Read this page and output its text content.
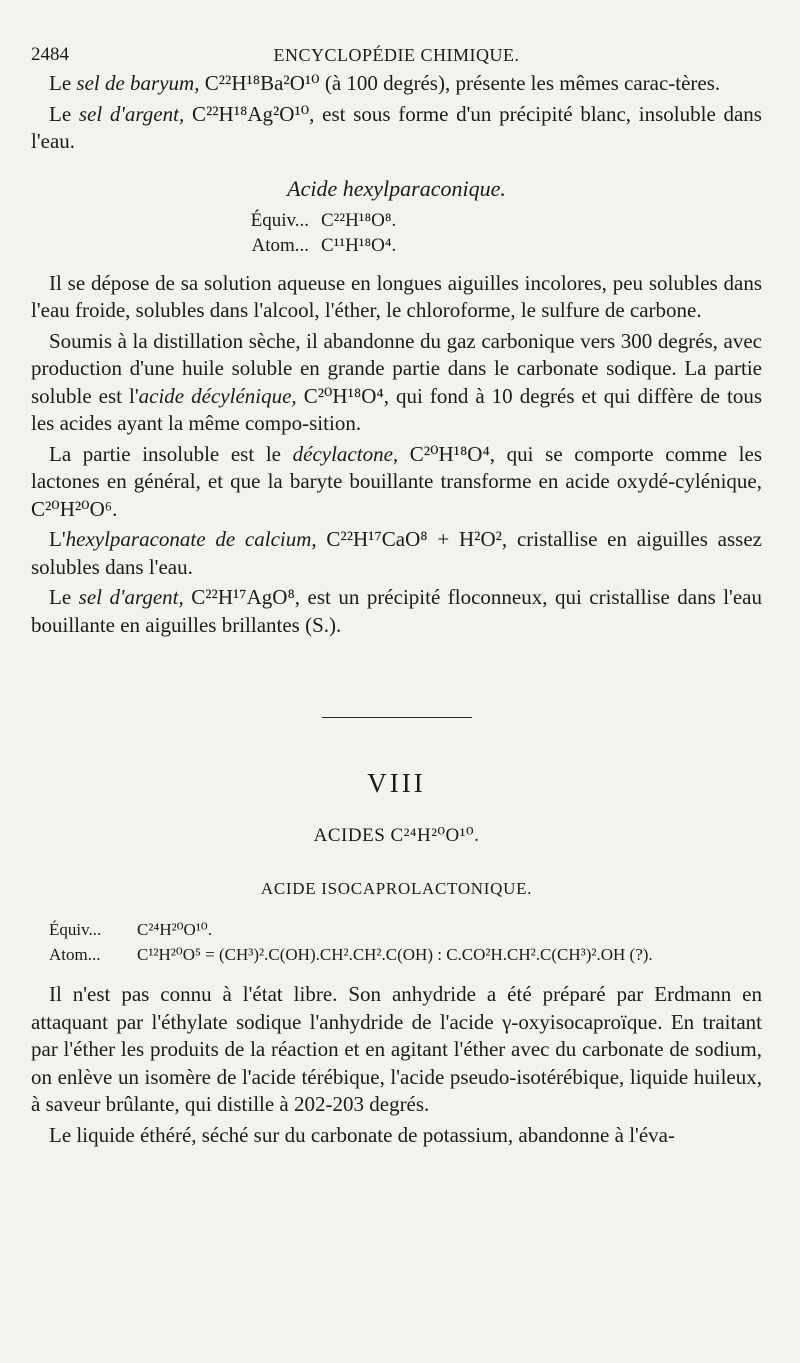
2484	ENCYCLOPÉDIE CHIMIQUE.

Le sel de baryum, C²²H¹⁸Ba²O¹⁰ (à 100 degrés), présente les mêmes carac-tères.

Le sel d'argent, C²²H¹⁸Ag²O¹⁰, est sous forme d'un précipité blanc, insoluble dans l'eau.

Acide hexylparaconique.
Équiv... C²²H¹⁸O⁸.
Atom... C¹¹H¹⁸O⁴.

Il se dépose de sa solution aqueuse en longues aiguilles incolores, peu solubles dans l'eau froide, solubles dans l'alcool, l'éther, le chloroforme, le sulfure de carbone.

Soumis à la distillation sèche, il abandonne du gaz carbonique vers 300 degrés, avec production d'une huile soluble en grande partie dans le carbonate sodique. La partie soluble est l'acide décylénique, C²⁰H¹⁸O⁴, qui fond à 10 degrés et qui diffère de tous les acides ayant la même compo-sition.

La partie insoluble est le décylactone, C²⁰H¹⁸O⁴, qui se comporte comme les lactones en général, et que la baryte bouillante transforme en acide oxydé-cylénique, C²⁰H²⁰O⁶.

L'hexylparaconate de calcium, C²²H¹⁷CaO⁸ + H²O², cristallise en aiguilles assez solubles dans l'eau.

Le sel d'argent, C²²H¹⁷AgO⁸, est un précipité floconneux, qui cristallise dans l'eau bouillante en aiguilles brillantes (S.).

VIII
ACIDES C²⁴H²⁰O¹⁰.
ACIDE ISOCAPROLACTONIQUE.
Équiv...	C²⁴H²⁰O¹⁰.
Atom...	C¹²H²⁰O⁵ = (CH³)².C(OH).CH².CH².C(OH) : C.CO²H.CH².C(CH³)².OH (?).

Il n'est pas connu à l'état libre. Son anhydride a été préparé par Erdmann en attaquant par l'éthylate sodique l'anhydride de l'acide γ-oxyisocaproïque. En traitant par l'éther les produits de la réaction et en agitant l'éther avec du carbonate de sodium, on enlève un isomère de l'acide térébique, l'acide pseudo-isotérébique, liquide huileux, à saveur brûlante, qui distille à 202-203 degrés.

Le liquide éthéré, séché sur du carbonate de potassium, abandonne à l'éva-
